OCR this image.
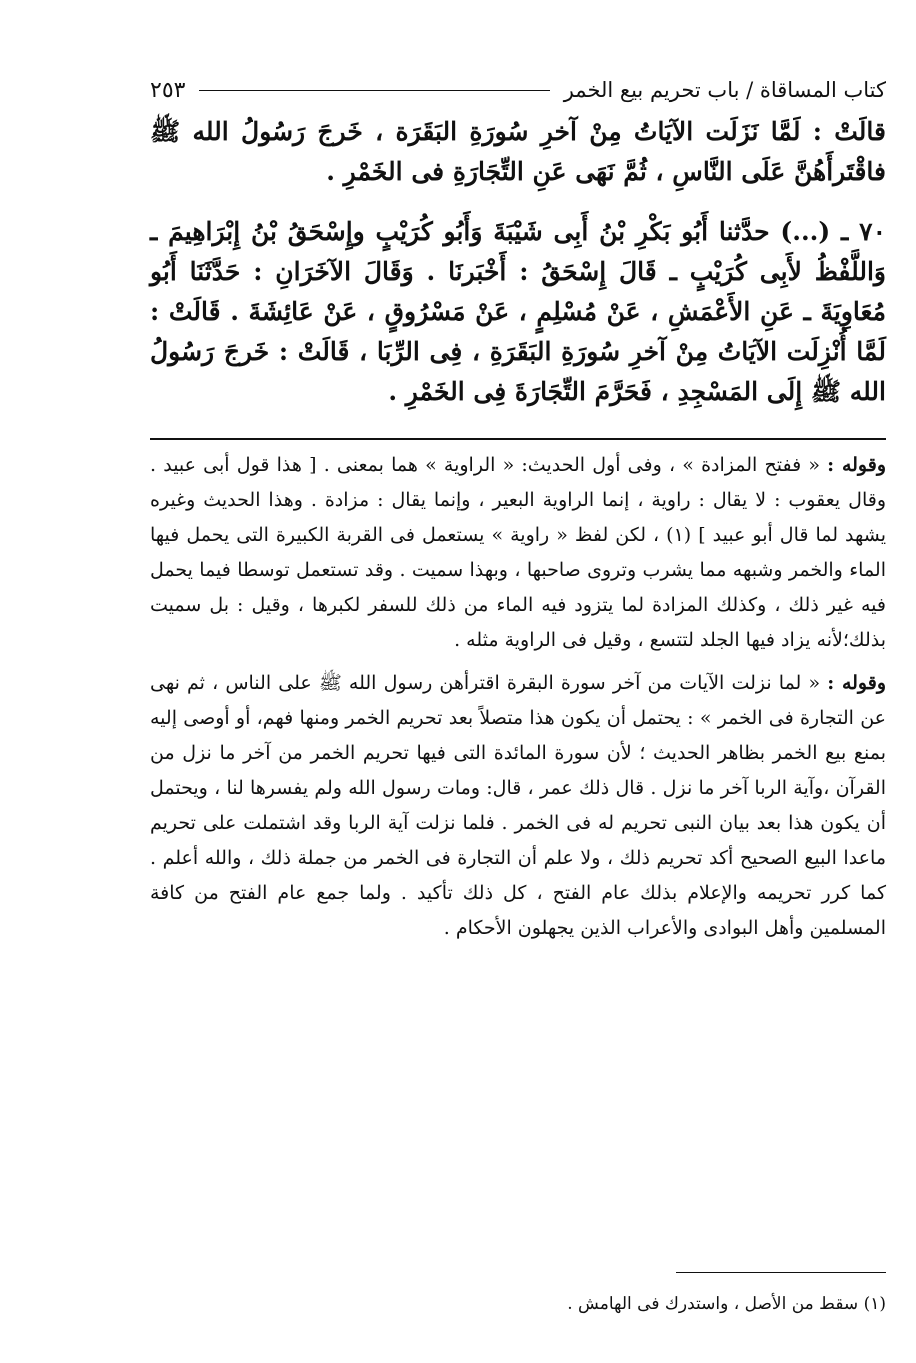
كتاب المساقاة / باب تحريم بيع الخمر
٢٥٣

قالَتْ : لَمَّا نَزَلَت الآيَاتُ مِنْ آخرِ سُورَةِ البَقَرَة ، خَرجَ رَسُولُ الله ﷺ فاقْتَرأَهُنَّ عَلَى النَّاسِ ، ثُمَّ نَهَى عَنِ التِّجَارَةِ فى الخَمْرِ .

٧٠ ـ (...) حدَّثنا أَبُو بَكْرِ بْنُ أَبِى شَيْبَةَ وَأَبُو كُرَيْبٍ وإِسْحَقُ بْنُ إِبْرَاهِيمَ ـ وَاللَّفْظُ لأَبِى كُرَيْبٍ ـ قَالَ إِسْحَقُ : أَخْبَرنَا . وَقَالَ الآخَرَانِ : حَدَّثَنَا أَبُو مُعَاوِيَةَ ـ عَنِ الأَعْمَشِ ، عَنْ مُسْلِمٍ ، عَنْ مَسْرُوقٍ ، عَنْ عَائِشَةَ . قَالَتْ : لَمَّا أُنْزِلَت الآيَاتُ مِنْ آخرِ سُورَةِ البَقَرَةِ ، فِى الرِّبَا ، قَالَتْ : خَرجَ رَسُولُ الله ﷺ إِلَى المَسْجِدِ ، فَحَرَّمَ التِّجَارَةَ فِى الخَمْرِ .

وقوله : « ففتح المزادة » ، وفى أول الحديث: « الراوية » هما بمعنى . [ هذا قول أبى عبيد . وقال يعقوب : لا يقال : راوية ، إنما الراوية البعير ، وإنما يقال : مزادة . وهذا الحديث وغيره يشهد لما قال أبو عبيد ] (١) ، لكن لفظ « راوية » يستعمل فى القربة الكبيرة التى يحمل فيها الماء والخمر وشبهه مما يشرب وتروى صاحبها ، وبهذا سميت . وقد تستعمل توسطا فيما يحمل فيه غير ذلك ، وكذلك المزادة لما يتزود فيه الماء من ذلك للسفر لكبرها ، وقيل : بل سميت بذلك؛لأنه يزاد فيها الجلد لتتسع ، وقيل فى الراوية مثله .

وقوله : « لما نزلت الآيات من آخر سورة البقرة اقترأهن رسول الله ﷺ على الناس ، ثم نهى عن التجارة فى الخمر » : يحتمل أن يكون هذا متصلاً بعد تحريم الخمر ومنها فهم، أو أوصى إليه بمنع بيع الخمر بظاهر الحديث ؛ لأن سورة المائدة التى فيها تحريم الخمر من آخر ما نزل من القرآن ،وآية الربا آخر ما نزل . قال ذلك عمر ، قال: ومات رسول الله ولم يفسرها لنا ، ويحتمل أن يكون هذا بعد بيان النبى تحريم له فى الخمر . فلما نزلت آية الربا وقد اشتملت على تحريم ماعدا البيع الصحيح أكد تحريم ذلك ، ولا علم أن التجارة فى الخمر من جملة ذلك ، والله أعلم . كما كرر تحريمه والإعلام بذلك عام الفتح ، كل ذلك تأكيد . ولما جمع عام الفتح من كافة المسلمين وأهل البوادى والأعراب الذين يجهلون الأحكام .

(١) سقط من الأصل ، واستدرك فى الهامش .
